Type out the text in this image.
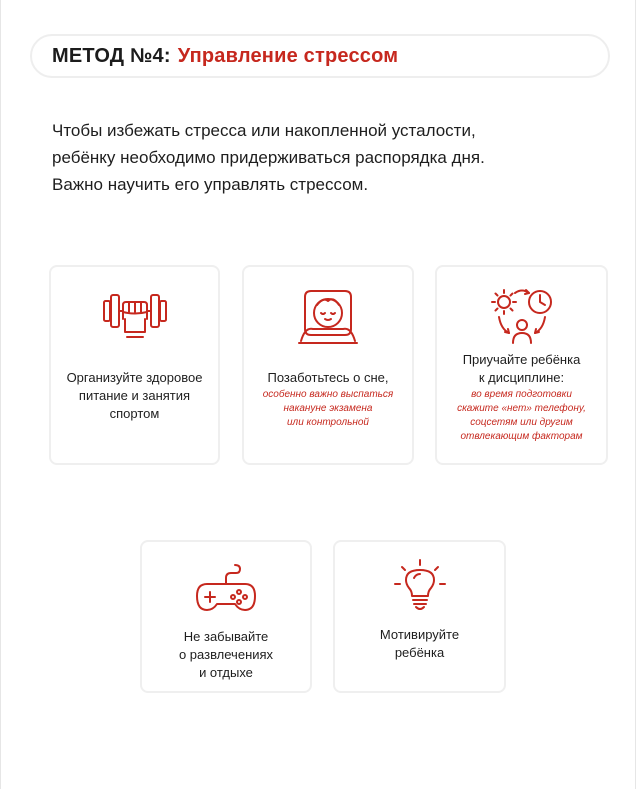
МЕТОД №4: Управление стрессом
Чтобы избежать стресса или накопленной усталости,
ребёнку необходимо придерживаться распорядка дня.
Важно научить его управлять стрессом.
Организуйте здоровое
питание и занятия
спортом
Позаботьтесь о сне,
особенно важно выспаться
накануне экзамена
или контрольной
Приучайте ребёнка
к дисциплине:
во время подготовки
скажите «нет» телефону,
соцсетям или другим
отвлекающим факторам
Не забывайте
о развлечениях
и отдыхе
Мотивируйте
ребёнка
